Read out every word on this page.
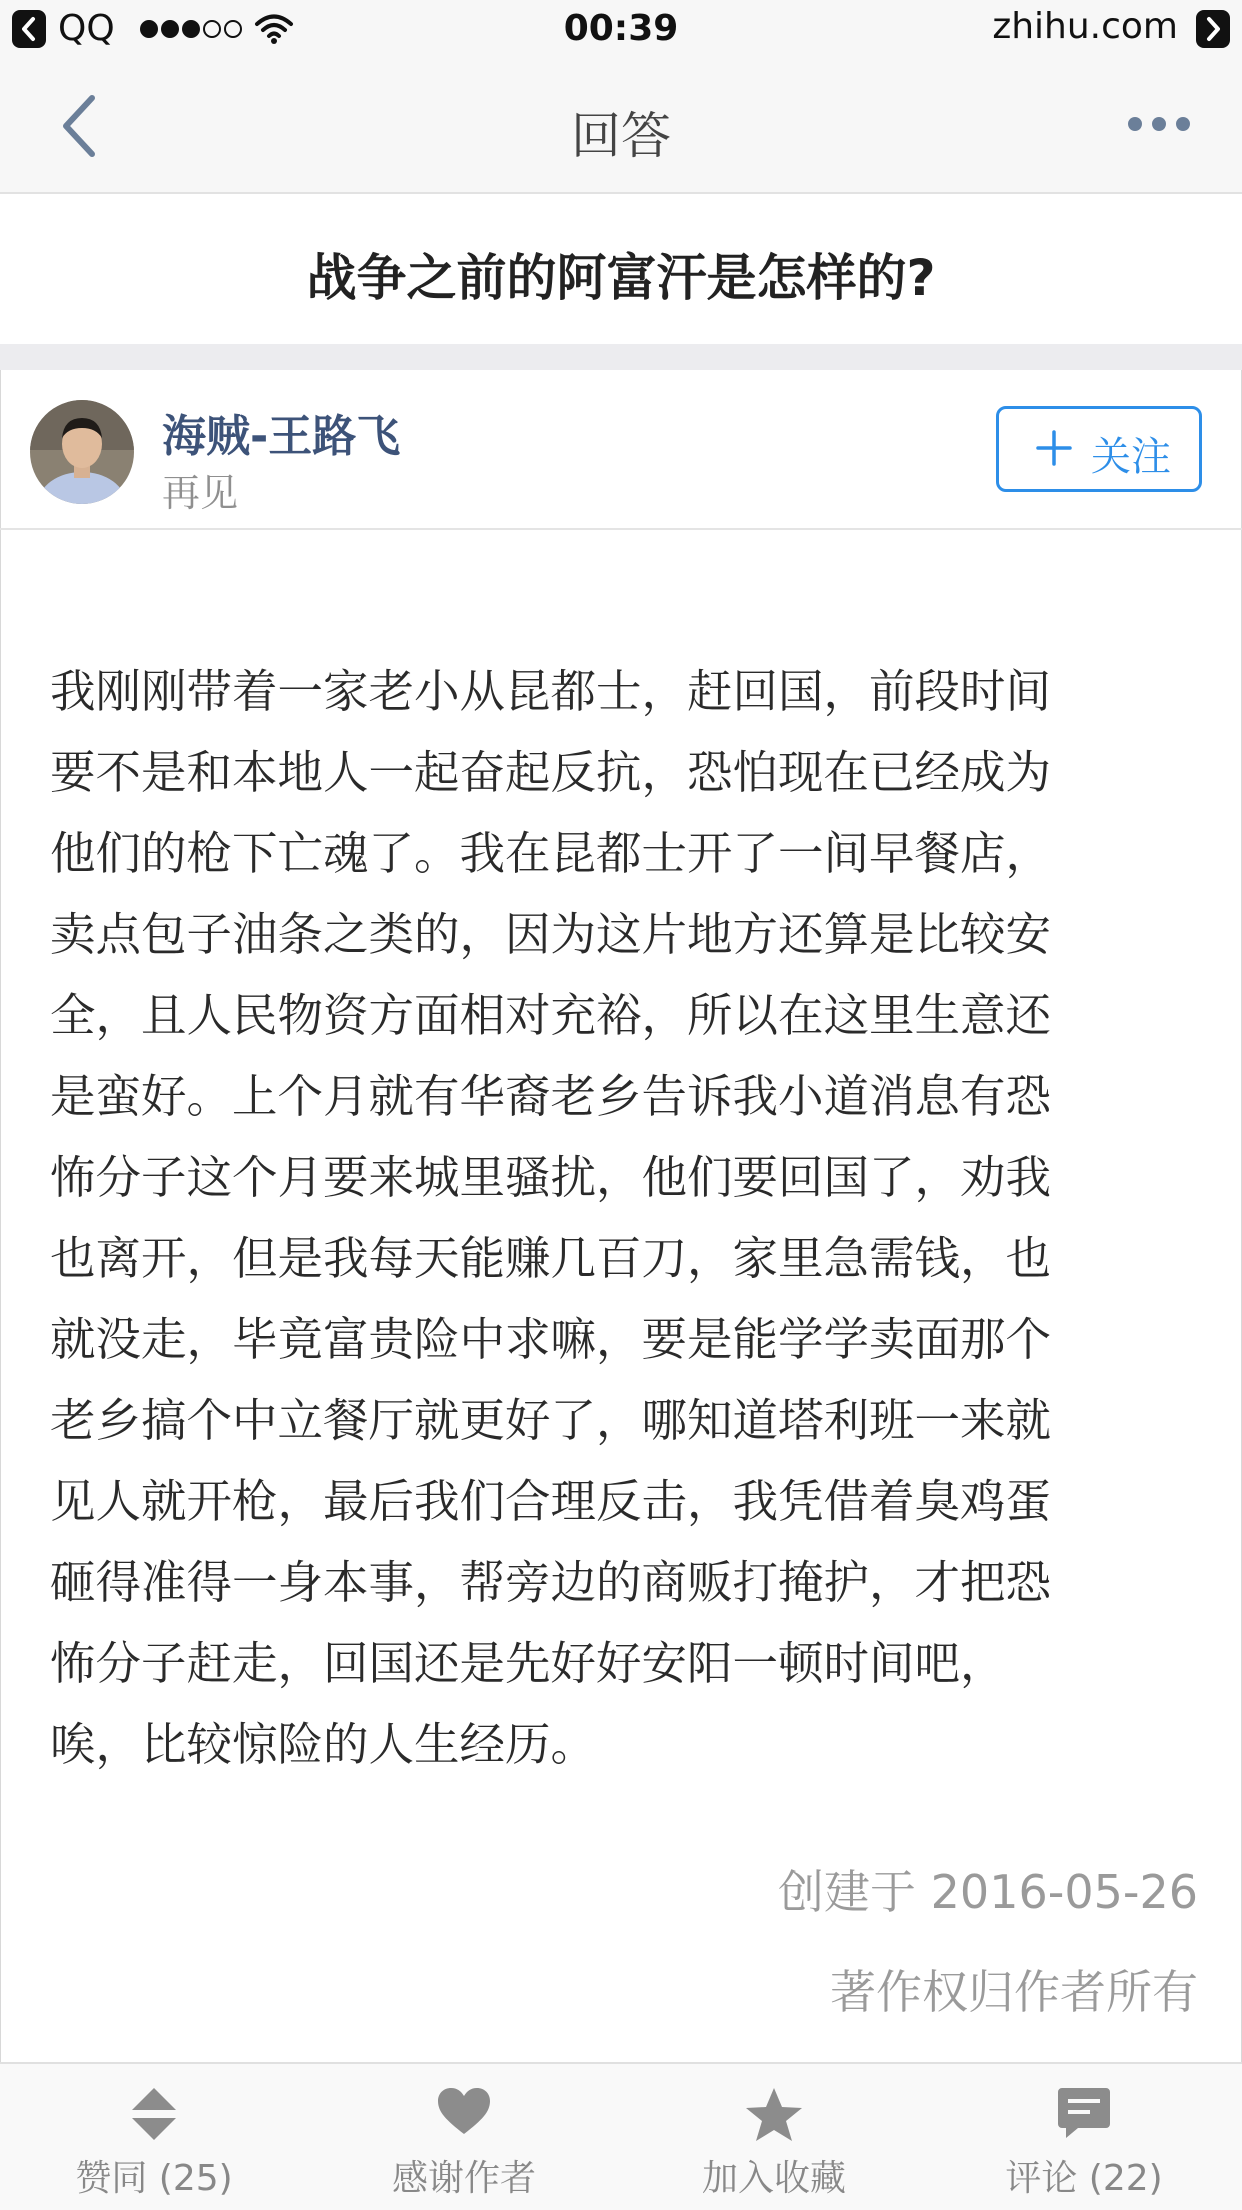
QQ	00:39	zhihu.com
回答
战争之前的阿富汗是怎样的?
海贼-王路飞
再见
关注

我刚刚带着一家老小从昆都士，赶回国，前段时间
要不是和本地人一起奋起反抗，恐怕现在已经成为
他们的枪下亡魂了。我在昆都士开了一间早餐店，
卖点包子油条之类的，因为这片地方还算是比较安
全，且人民物资方面相对充裕，所以在这里生意还
是蛮好。上个月就有华裔老乡告诉我小道消息有恐
怖分子这个月要来城里骚扰，他们要回国了，劝我
也离开，但是我每天能赚几百刀，家里急需钱，也
就没走，毕竟富贵险中求嘛，要是能学学卖面那个
老乡搞个中立餐厅就更好了，哪知道塔利班一来就
见人就开枪，最后我们合理反击，我凭借着臭鸡蛋
砸得准得一身本事，帮旁边的商贩打掩护，才把恐
怖分子赶走，回国还是先好好安阳一顿时间吧，
唉，比较惊险的人生经历。

创建于 2016-05-26
著作权归作者所有
赞同 (25)	感谢作者	加入收藏	评论 (22)
